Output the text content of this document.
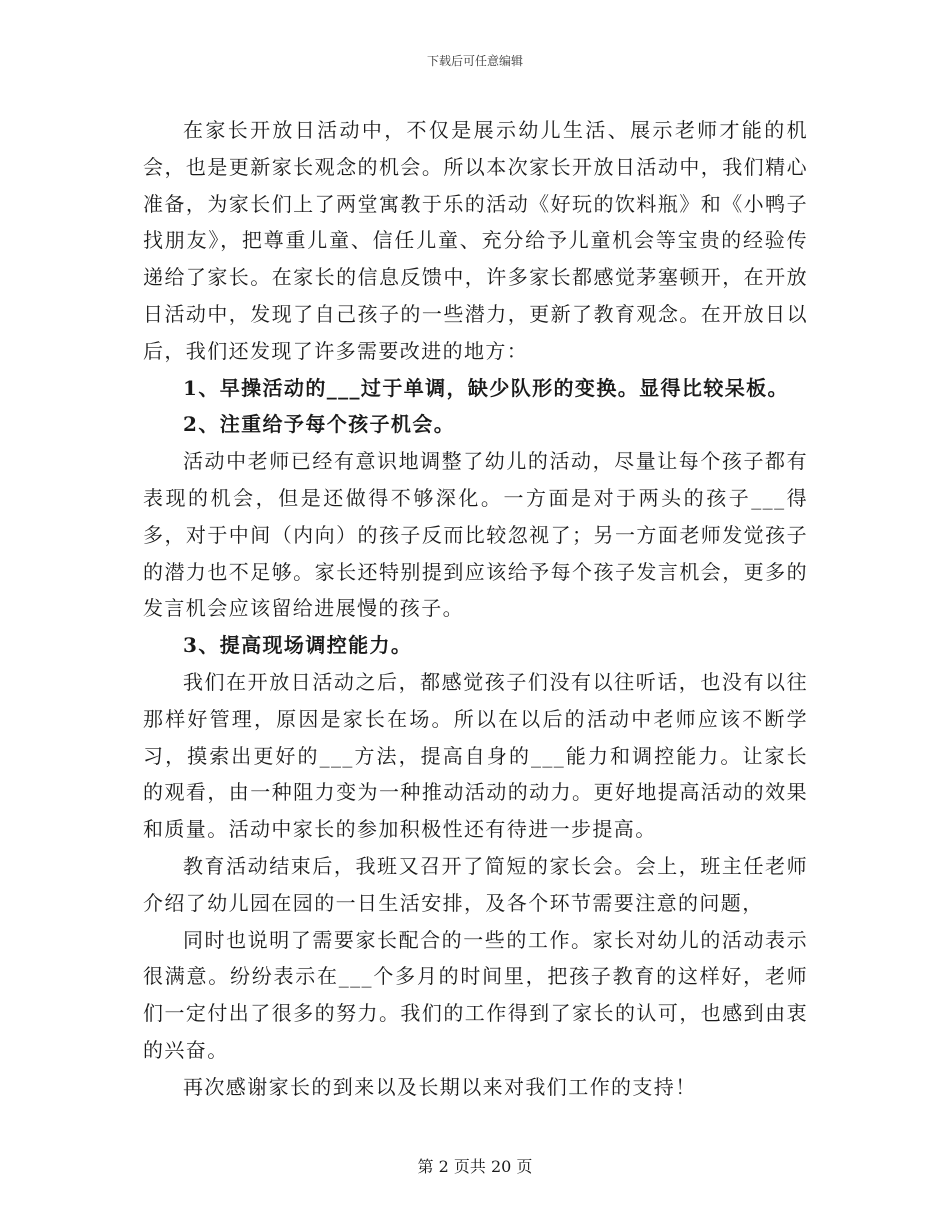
下载后可任意编辑

在家长开放日活动中，不仅是展示幼儿生活、展示老师才能的机会，也是更新家长观念的机会。所以本次家长开放日活动中，我们精心准备，为家长们上了两堂寓教于乐的活动《好玩的饮料瓶》和《小鸭子找朋友》，把尊重儿童、信任儿童、充分给予儿童机会等宝贵的经验传递给了家长。在家长的信息反馈中，许多家长都感觉茅塞顿开，在开放日活动中，发现了自己孩子的一些潜力，更新了教育观念。在开放日以后，我们还发现了许多需要改进的地方：

1、早操活动的___过于单调，缺少队形的变换。显得比较呆板。

2、注重给予每个孩子机会。

活动中老师已经有意识地调整了幼儿的活动，尽量让每个孩子都有表现的机会，但是还做得不够深化。一方面是对于两头的孩子___得多，对于中间（内向）的孩子反而比较忽视了；另一方面老师发觉孩子的潜力也不足够。家长还特别提到应该给予每个孩子发言机会，更多的发言机会应该留给进展慢的孩子。

3、提高现场调控能力。

我们在开放日活动之后，都感觉孩子们没有以往听话，也没有以往那样好管理，原因是家长在场。所以在以后的活动中老师应该不断学习，摸索出更好的___方法，提高自身的___能力和调控能力。让家长的观看，由一种阻力变为一种推动活动的动力。更好地提高活动的效果和质量。活动中家长的参加积极性还有待进一步提高。

教育活动结束后，我班又召开了简短的家长会。会上，班主任老师介绍了幼儿园在园的一日生活安排，及各个环节需要注意的问题，

同时也说明了需要家长配合的一些的工作。家长对幼儿的活动表示很满意。纷纷表示在___个多月的时间里，把孩子教育的这样好，老师们一定付出了很多的努力。我们的工作得到了家长的认可，也感到由衷的兴奋。

再次感谢家长的到来以及长期以来对我们工作的支持！

第 2 页共 20 页
